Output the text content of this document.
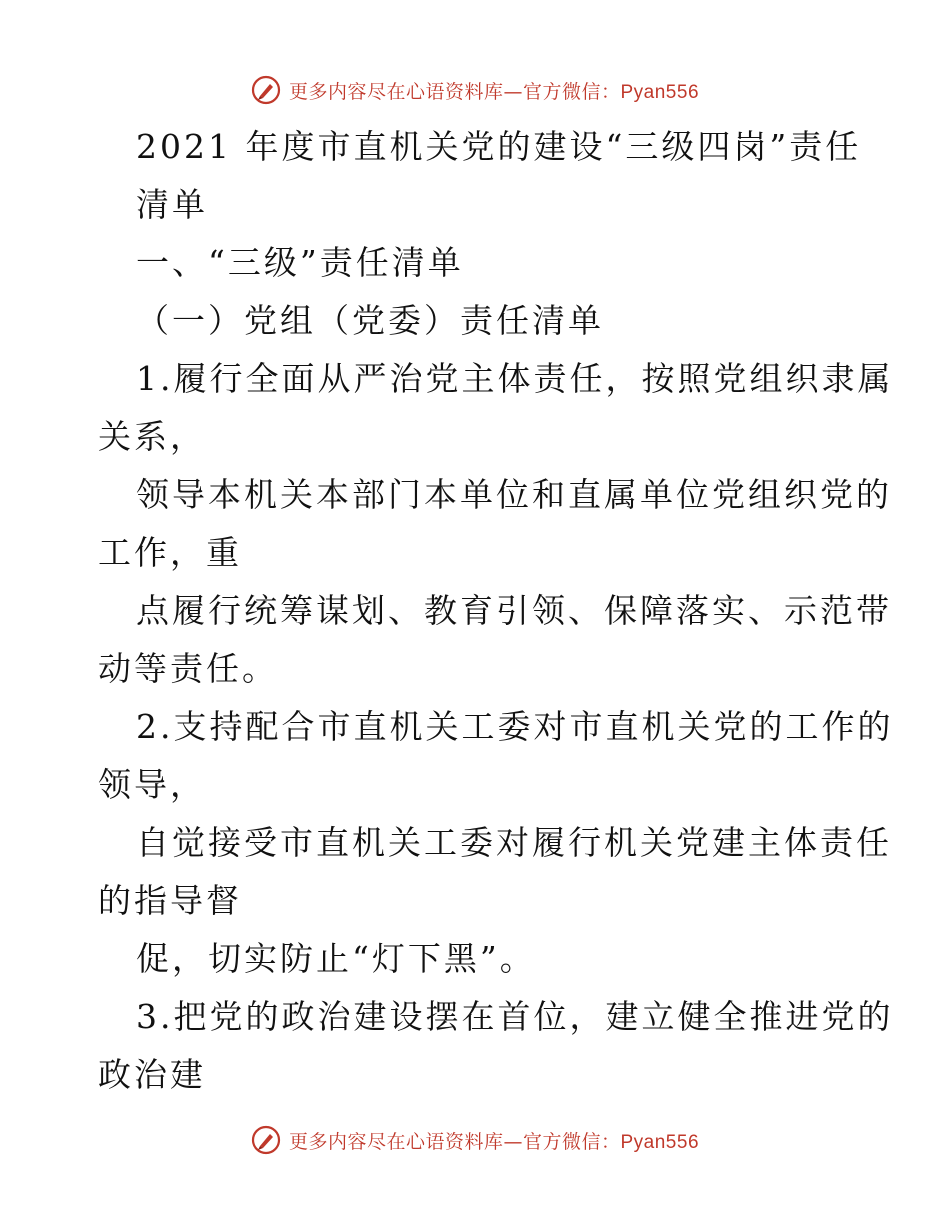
更多内容尽在心语资料库—官方微信：Pyan556
2021 年度市直机关党的建设“三级四岗”责任
清单
一、“三级”责任清单
（一）党组（党委）责任清单
1.履行全面从严治党主体责任，按照党组织隶属
关系，
领导本机关本部门本单位和直属单位党组织党的
工作，重
点履行统筹谋划、教育引领、保障落实、示范带
动等责任。
2.支持配合市直机关工委对市直机关党的工作的
领导，
自觉接受市直机关工委对履行机关党建主体责任
的指导督
促，切实防止“灯下黑”。
3.把党的政治建设摆在首位，建立健全推进党的
政治建
更多内容尽在心语资料库—官方微信：Pyan556
